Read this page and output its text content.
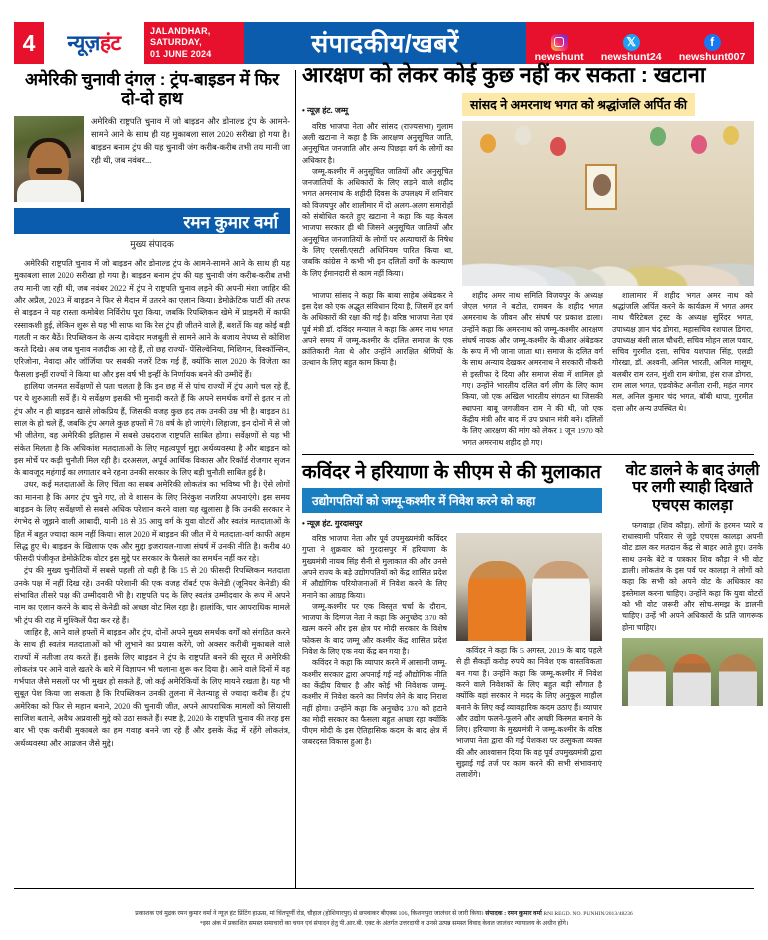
4 न्यूज़हंट
JALANDHAR, SATURDAY,
01 JUNE 2024	संपादकीय/खबरें	newshunt
𝕏
newshunt24
f
newshunt007
अमेरिकी चुनावी दंगल : ट्रंप-बाइडन में फिर दो-दो हाथ
अमेरिकी राष्ट्रपति चुनाव में जो बाइडन और डोनाल्ड ट्रंप के आमने-सामने आने के साथ ही यह मुकाबला साल 2020 सरीखा हो गया है। बाइडन बनाम ट्रंप की यह चुनावी जंग करीब-करीब तभी तय मानी जा रही थी, जब नवंबर...
रमन कुमार वर्मा
मुख्य संपादक

अमेरिकी राष्ट्रपति चुनाव में जो बाइडन और डोनाल्ड ट्रंप के आमने-सामने आने के साथ ही यह मुकाबला साल 2020 सरीखा हो गया है। बाइडन बनाम ट्रंप की यह चुनावी जंग करीब-करीब तभी तय मानी जा रही थी, जब नवंबर 2022 में ट्रंप ने राष्ट्रपति चुनाव लड़ने की अपनी मंशा जाहिर की और अप्रैल, 2023 में बाइडन ने फिर से मैदान में उतरने का एलान किया। डेमोक्रेटिक पार्टी की तरफ से बाइडन ने यह रास्ता कमोबेश निर्विरोध पूरा किया, जबकि रिपब्लिकन खेमे में प्राइमरी में काफी रस्साकशी हुई, लेकिन शुरू से यह भी साफ था कि रेस ट्रंप ही जीतने वाले हैं, बशर्ते कि वह कोई बड़ी गलती न कर बैठें। रिपब्लिकन के अन्य दावेदार मजबूती से सामने आने के बजाय नेपथ्य से कोशिश करते दिखे। अब जब चुनाव नजदीक आ रहे हैं, तो छह राज्यों- पेंसिल्वेनिया, मिशिगन, विस्कॉन्सिन, एरिजोना, नेवादा और जॉर्जिया पर सबकी नजरें टिक गई हैं, क्योंकि साल 2020 के विजेता का फैसला इन्हीं राज्यों ने किया था और इस वर्ष भी इन्हीं के निर्णायक बनने की उम्मीदें हैं।

हालिया जनमत सर्वेक्षणों से पता चलता है कि इन छह में से पांच राज्यों में ट्रंप आगे चल रहे हैं, पर ये शुरुआती सर्वे हैं। ये सर्वेक्षण इसकी भी मुनादी करते हैं कि अपने समर्थक वर्गों से इतर न तो ट्रंप और न ही बाइडन खासे लोकप्रिय हैं, जिसकी वजह कुछ हद तक उनकी उम्र भी है। बाइडन 81 साल के हो चले हैं, जबकि ट्रंप अगले कुछ हफ्तों में 78 वर्ष के हो जाएंगे। लिहाजा, इन दोनों में से जो भी जीतेगा, वह अमेरिकी इतिहास में सबसे उम्रदराज राष्ट्रपति साबित होगा। सर्वेक्षणों से यह भी संकेत मिलता है कि अधिकांश मतदाताओं के लिए महत्वपूर्ण मुद्दा अर्थव्यवस्था है और बाइडन को इस मोर्चे पर कड़ी चुनौती मिल रही है। दरअसल, अपूर्व आर्थिक विकास और रिकॉर्ड रोजगार सृजन के बावजूद महंगाई का लगातार बने रहना उनकी सरकार के लिए बड़ी चुनौती साबित हुई है।

उधर, कई मतदाताओं के लिए चिंता का सबब अमेरिकी लोकतंत्र का भविष्य भी है। ऐसे लोगों का मानना है कि अगर ट्रंप चुने गए, तो वे शासन के लिए निरंकुश नजरिया अपनाएंगे। इस समय बाइडन के लिए सर्वेक्षणों से सबसे अधिक परेशान करने वाला यह खुलासा है कि उनकी सरकार ने रंगभेद से जूझने वाली आबादी, यानी 18 से 35 आयु वर्ग के युवा वोटरों और स्वतंत्र मतदाताओं के हित में बहुत ज्यादा काम नहीं किया। साल 2020 में बाइडन की जीत में ये मतदाता-वर्ग काफी अहम सिद्ध हुए थे। बाइडन के खिलाफ एक और मुद्दा इजरायल-गाजा संघर्ष में उनकी नीति है। करीब 40 फीसदी पंजीकृत डेमोक्रेटिक वोटर इस मुद्दे पर सरकार के फैसले का समर्थन नहीं कर रहे।

ट्रंप की मुख्य चुनौतियों में सबसे पहली तो यही है कि 15 से 20 फीसदी रिपब्लिकन मतदाता उनके पक्ष में नहीं दिख रहे। उनकी परेशानी की एक वजह रॉबर्ट एफ केनेडी (जूनियर केनेडी) की संभावित तीसरे पक्ष की उम्मीदवारी भी है। राष्ट्रपति पद के लिए स्वतंत्र उम्मीदवार के रूप में अपने नाम का एलान करने के बाद से केनेडी को अच्छा वोट मिल रहा है। हालांकि, चार आपराधिक मामले भी ट्रंप की राह में मुश्किलें पैदा कर रहे हैं।

जाहिर है, आने वाले हफ्तों में बाइडन और ट्रंप, दोनों अपने मुख्य समर्थक वर्गों को संगठित करने के साथ ही स्वतंत्र मतदाताओं को भी लुभाने का प्रयास करेंगे, जो अक्सर करीबी मुकाबले वाले राज्यों में नतीजा तय करते हैं। इसके लिए बाइडन ने ट्रंप के राष्ट्रपति बनने की सूरत में अमेरिकी लोकतंत्र पर आने वाले खतरे के बारे में विज्ञापन भी चलाना शुरू कर दिया है। आने वाले दिनों में वह गर्भपात जैसे मसलों पर भी मुखर हो सकते हैं, जो कई अमेरिकियों के लिए मायने रखता है। यह भी सुबूत पेश किया जा सकता है कि रिपब्लिकन उनकी तुलना में नेतन्याहू से ज्यादा करीब हैं। ट्रंप अमेरिका को फिर से महान बनाने, 2020 की चुनावी जीत, अपने आपराधिक मामलों को सियासी साजिश बताने, अवैध अप्रवासी मुद्दे को उठा सकते हैं। स्पष्ट है, 2020 के राष्ट्रपति चुनाव की तरह इस बार भी एक करीबी मुकाबले का हम गवाह बनने जा रहे हैं और इसके केंद्र में रहेंगे लोकतंत्र, अर्थव्यवस्था और आव्रजन जैसे मुद्दे।

आरक्षण को लेकर कोई कुछ नहीं कर सकता : खटाना
• न्यूज़ हंट. जम्मू	सांसद ने अमरनाथ भगत को श्रद्धांजलि अर्पित की

वरिष्ठ भाजपा नेता और सांसद (राज्यसभा) गुलाम अली खटाना ने कहा है कि आरक्षण अनुसूचित जाति, अनुसूचित जनजाति और अन्य पिछड़ा वर्ग के लोगों का अधिकार है।

जम्मू-कश्मीर में अनुसूचित जातियों और अनुसूचित जनजातियों के अधिकारों के लिए लड़ने वाले शहीद भगत अमरनाथ के शहीदी दिवस के उपलक्ष्य में शनिवार को विजयपुर और शालीमार में दो अलग-अलग समारोहों को संबोधित करते हुए खटाना ने कहा कि यह केवल भाजपा सरकार ही थी जिसने अनुसूचित जातियों और अनुसूचित जनजातियों के लोगों पर अत्याचारों के निषेध के लिए एससी/एसटी अधिनियम पारित किया था, जबकि कांग्रेस ने कभी भी इन दलितों वर्गों के कल्याण के लिए ईमानदारी से काम नहीं किया।

भाजपा सांसद ने कहा कि बाबा साहेब अंबेडकर ने इस देश को एक अद्भुत संविधान दिया है, जिसमें हर वर्ग के अधिकारों की रक्षा की गई है। वरिष्ठ भाजपा नेता एवं पूर्व मंत्री डॉ. दविंदर मन्याल ने कहा कि अमर नाथ भगत अपने समय में जम्मू-कश्मीर के दलित समाज के एक क्रांतिकारी नेता थे और उन्होंने आरक्षित श्रेणियों के उत्थान के लिए बहुत काम किया है।

शहीद अमर नाथ समिति विजयपुर के अध्यक्ष जेएल भगत ने बटोत, रामबन के शहीद भगत अमरनाथ के जीवन और संघर्ष पर प्रकाश डाला। उन्होंने कहा कि अमरनाथ को जम्मू-कश्मीर आरक्षण संघर्ष नायक और जम्मू-कश्मीर के बीआर अंबेडकर के रूप में भी जाना जाता था। समाज के दलित वर्ग के साथ अन्याय देखकर अमरनाथ ने सरकारी नौकरी से इस्तीफा दे दिया और समाज सेवा में शामिल हो गए। उन्होंने भारतीय दलित वर्ग लीग के लिए काम किया, जो एक अखिल भारतीय संगठन था जिसकी स्थापना बाबू जगजीवन राम ने की थी, जो एक केंद्रीय मंत्री और बाद में उप प्रधान मंत्री बने। दलितों के लिए आरक्षण की मांग को लेकर 1 जून 1970 को भगत अमरनाथ शहीद हो गए।

शालामार में शहीद भगत अमर नाथ को श्रद्धांजलि अर्पित करने के कार्यक्रम में भगत अमर नाथ चैरिटेबल ट्रस्ट के अध्यक्ष सुरिंदर भगत, उपाध्यक्ष ज्ञान चंद डोगरा, महासचिव रशपाल डिगरा, उपाध्यक्ष बंसी लाल चौधरी, सचिव मोहन लाल पवार, सचिव गुरमीत दत्ता, सचिव यशपाल सिंह, एलडी गोरखा, डॉ. अश्वनी, अनिल भारती, अनिल मासूम, बलबीर राम रतन, मुंशी राम बंगोत्रा, हंस राज डोगरा, राम लाल भगत, एडवोकेट अनीता रानी, महंत नागर मल, अनिल कुमार चंद भगत, बॉबी थापा, गुरमीत दत्ता और अन्य उपस्थित थे।

कविंदर ने हरियाणा के सीएम से की मुलाकात
उद्योगपतियों को जम्मू-कश्मीर में निवेश करने को कहा
• न्यूज़ हंट. गुरदासपुर

वरिष्ठ भाजपा नेता और पूर्व उपमुख्यमंत्री कविंदर गुप्ता ने शुक्रवार को गुरदासपुर में हरियाणा के मुख्यमंत्री नायब सिंह सैनी से मुलाकात की और उनसे अपने राज्य के बड़े उद्योगपतियों को केंद्र शासित प्रदेश में औद्योगिक परियोजनाओं में निवेश करने के लिए मनाने का आग्रह किया।

जम्मू-कश्मीर पर एक विस्तृत चर्चा के दौरान, भाजपा के दिग्गज नेता ने कहा कि अनुच्छेद 370 को खत्म करने और इस क्षेत्र पर मोदी सरकार के विशेष फोकस के बाद जम्मू और कश्मीर केंद्र शासित प्रदेश निवेश के लिए एक नया केंद्र बन गया है।

कविंदर ने कहा कि व्यापार करने में आसानी जम्मू-कश्मीर सरकार द्वारा अपनाई गई नई औद्योगिक नीति का केंद्रीय विचार है और कोई भी निवेशक जम्मू-कश्मीर में निवेश करने का निर्णय लेने के बाद निराश नहीं होगा। उन्होंने कहा कि अनुच्छेद 370 को हटाने का मोदी सरकार का फैसला बहुत अच्छा रहा क्योंकि पीएम मोदी के इस ऐतिहासिक कदम के बाद क्षेत्र में जबरदस्त विकास हुआ है।

कविंदर ने कहा कि 5 अगस्त, 2019 के बाद पहले से ही सैकड़ों करोड़ रुपये का निवेश एक वास्तविकता बन गया है। उन्होंने कहा कि जम्मू-कश्मीर में निवेश करने वाले निवेशकों के लिए बहुत बड़ी सौगात है क्योंकि वहां सरकार ने मदद के लिए अनुकूल माहौल बनाने के लिए कई व्यावहारिक कदम उठाए हैं। व्यापार और उद्योग फलने-फूलने और अच्छी किस्मत बनाने के लिए। हरियाणा के मुख्यमंत्री ने जम्मू-कश्मीर के वरिष्ठ भाजपा नेता द्वारा की गई पेशकश पर उत्सुकता व्यक्त की और आश्वासन दिया कि वह पूर्व उपमुख्यमंत्री द्वारा सुझाई गई तर्ज पर काम करने की सभी संभावनाएं तलाशेंगे।

वोट डालने के बाद उंगली पर लगी स्याही दिखाते एचएस कालड़ा

फगवाड़ा (शिव कौड़ा). लोगों के हरमन प्यारे व राधास्वामी परिवार से जुड़े एचएस कालड़ा अपनी वोट डाल कर मतदान केंद्र से बाहर आते हुए। उनके साथ उनके बेटे व पत्रकार शिव कौड़ा ने भी वोट डाली। लोकतंत्र के इस पर्व पर कालड़ा ने लोगों को कहा कि सभी को अपने वोट के अधिकार का इस्तेमाल करना चाहिए। उन्होंने कहा कि युवा वोटरों को भी वोट जरूरी और सोच-समझ के डालनी चाहिए। उन्हें भी अपने अधिकारों के प्रति जागरूक होना चाहिए।

प्रकाशक एवं मुद्रक रमन कुमार वर्मा ने न्यूज़ हंट प्रिंटिंग हाऊस, मां चिंतपूर्णी रोड, चौहाल (होशियारपुर) से छपवाकर बीएक्स 106, किशनपुरा जालंधर से जारी किया। संपादक : रमन कुमार वर्मा RNI REGD. NO. PUNHIN/2013/48236
*इस अंक में प्रकाशित समस्त समाचारों का चयन एवं संपादन हेतु पी.आर.बी. एक्ट के अंतर्गत उत्तरदायी व उनसे उत्पन्न समस्त विवाद केवल जालंधर न्यायालय के अधीन होंगे।
